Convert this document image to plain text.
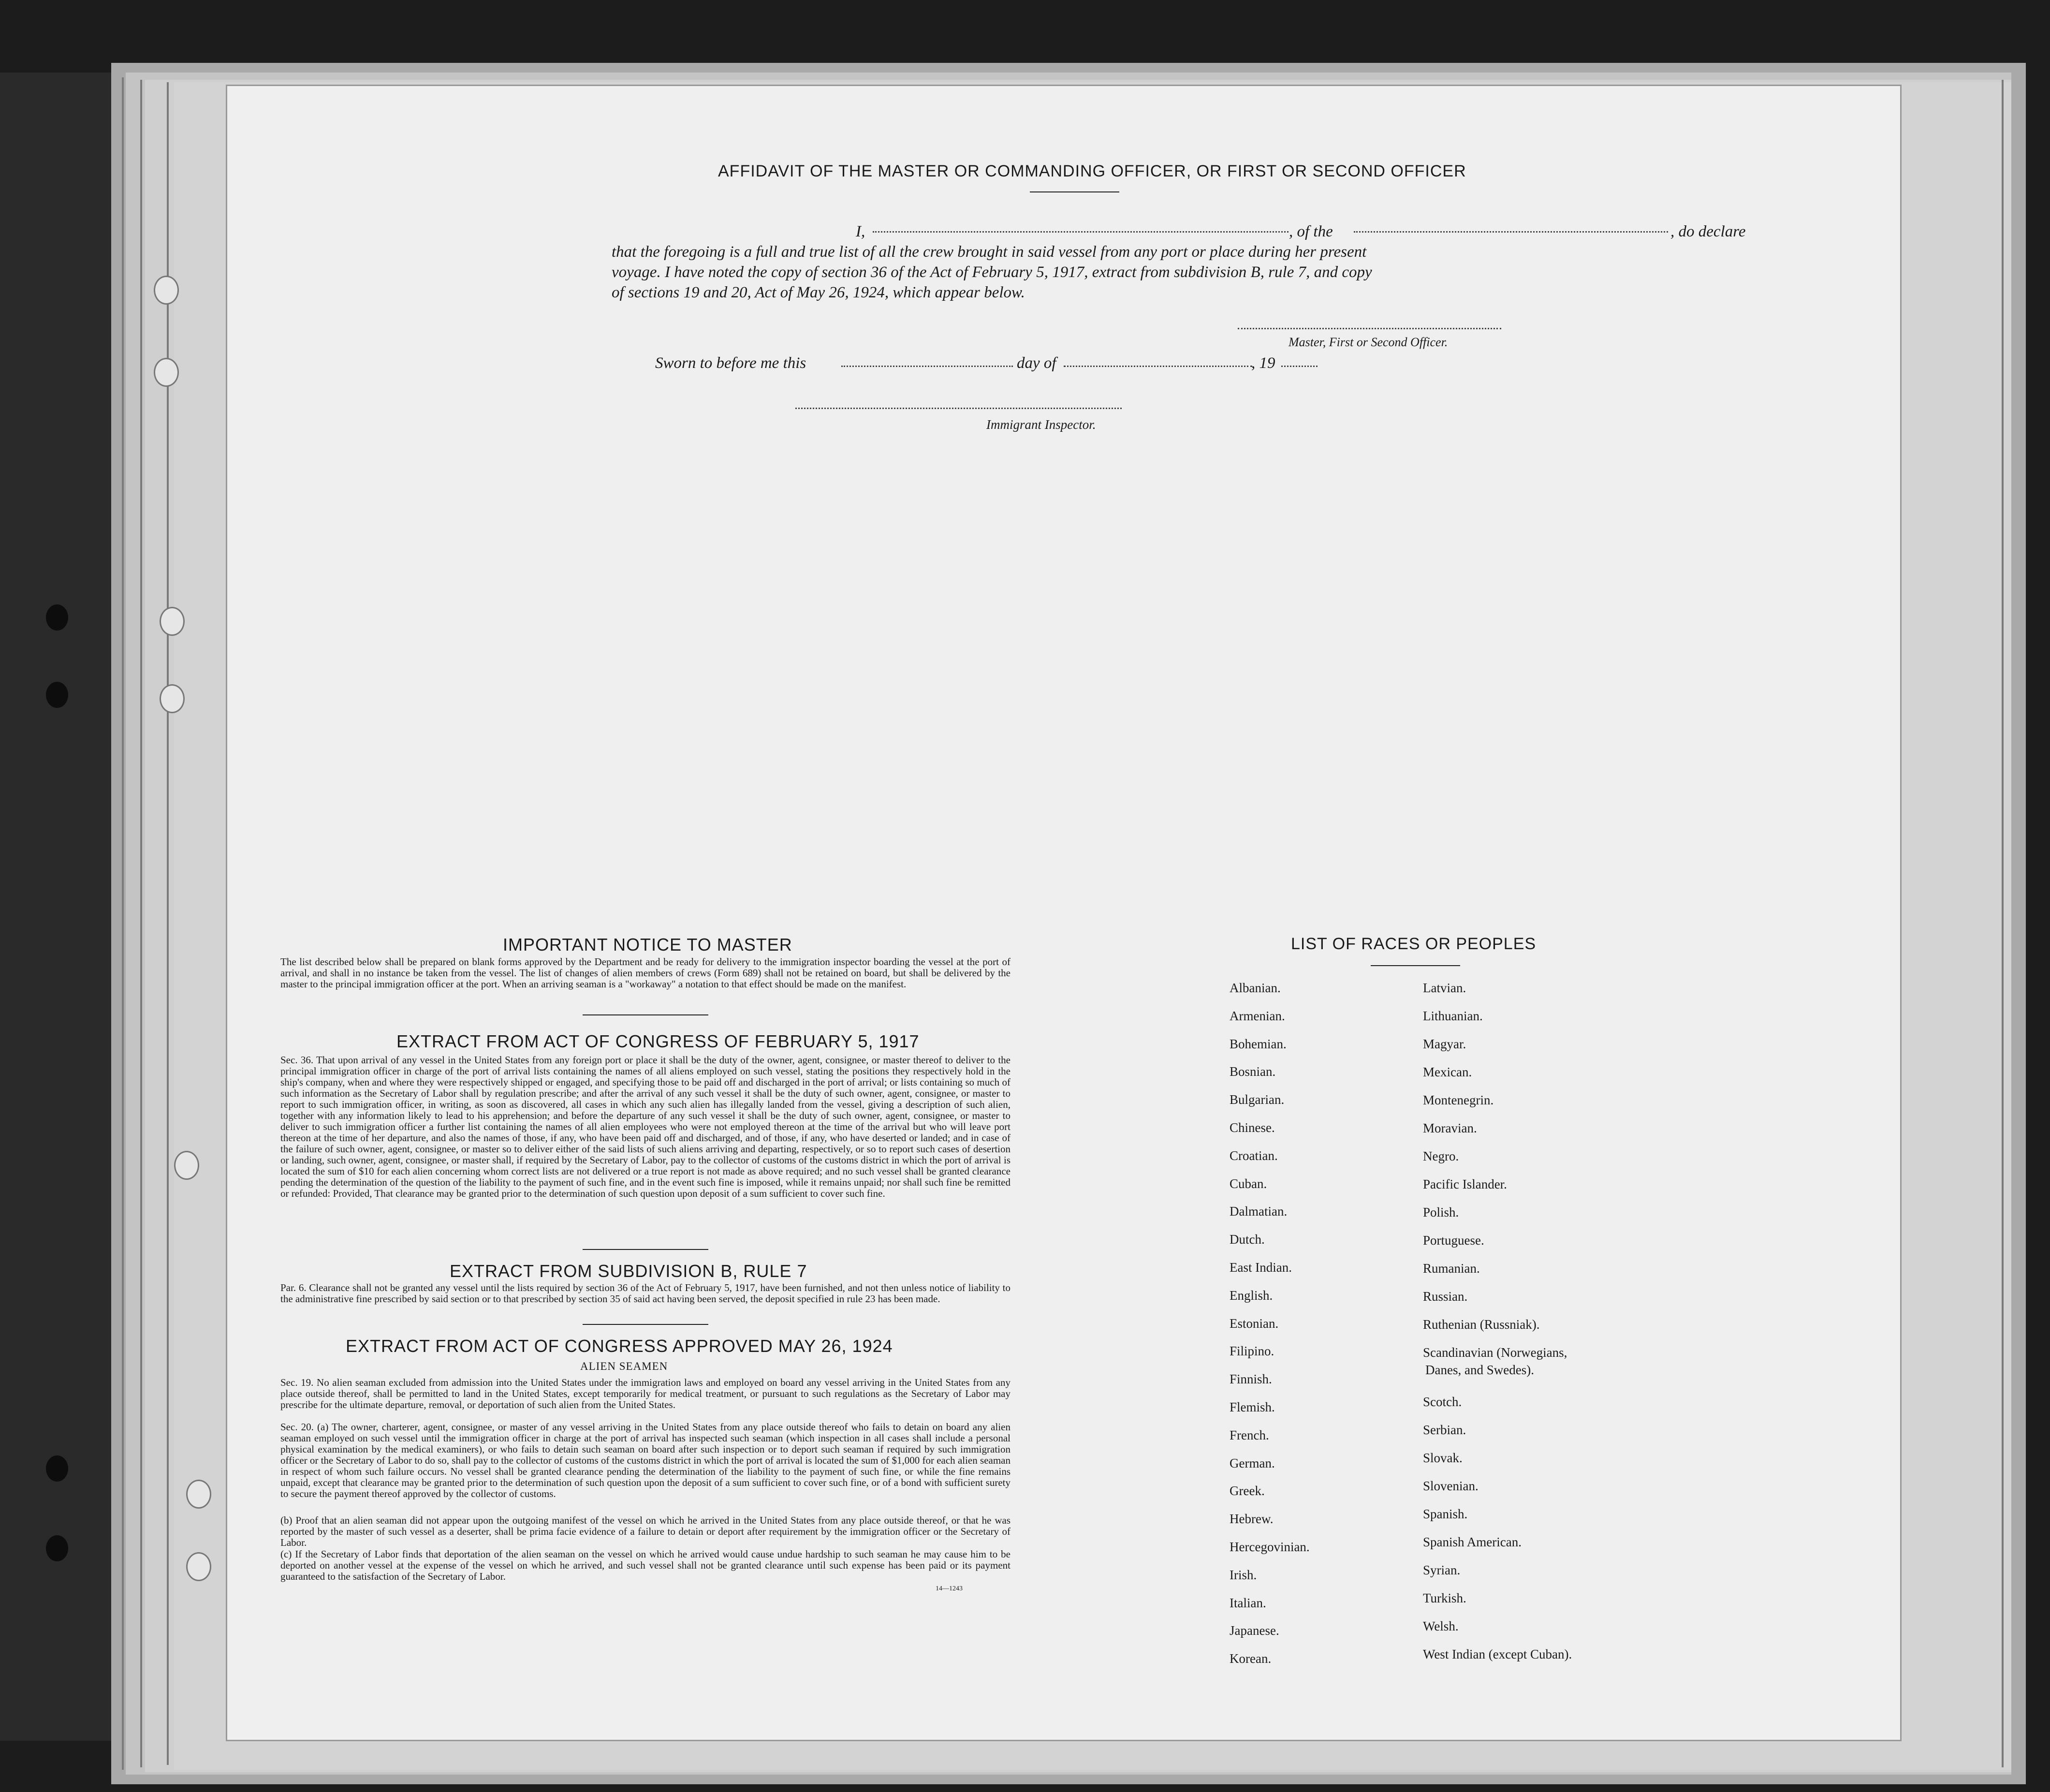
AFFIDAVIT OF THE MASTER OR COMMANDING OFFICER, OR FIRST OR SECOND OFFICER
I,	, of the	, do declare
that the foregoing is a full and true list of all the crew brought in said vessel from any port or place during her present
voyage. I have noted the copy of section 36 of the Act of February 5, 1917, extract from subdivision B, rule 7, and copy
of sections 19 and 20, Act of May 26, 1924, which appear below.
Master, First or Second Officer.
Sworn to before me this	day of	, 19
Immigrant Inspector.
IMPORTANT NOTICE TO MASTER
The list described below shall be prepared on blank forms approved by the Department and be ready for delivery to the immigration inspector boarding the vessel at the port of arrival, and shall in no instance be taken from the vessel. The list of changes of alien members of crews (Form 689) shall not be retained on board, but shall be delivered by the master to the principal immigration officer at the port. When an arriving seaman is a "workaway" a notation to that effect should be made on the manifest.
EXTRACT FROM ACT OF CONGRESS OF FEBRUARY 5, 1917
Sec. 36. That upon arrival of any vessel in the United States from any foreign port or place it shall be the duty of the owner, agent, consignee, or master thereof to deliver to the principal immigration officer in charge of the port of arrival lists containing the names of all aliens employed on such vessel, stating the positions they respectively hold in the ship's company, when and where they were respectively shipped or engaged, and specifying those to be paid off and discharged in the port of arrival; or lists containing so much of such information as the Secretary of Labor shall by regulation prescribe; and after the arrival of any such vessel it shall be the duty of such owner, agent, consignee, or master to report to such immigration officer, in writing, as soon as discovered, all cases in which any such alien has illegally landed from the vessel, giving a description of such alien, together with any information likely to lead to his apprehension; and before the departure of any such vessel it shall be the duty of such owner, agent, consignee, or master to deliver to such immigration officer a further list containing the names of all alien employees who were not employed thereon at the time of the arrival but who will leave port thereon at the time of her departure, and also the names of those, if any, who have been paid off and discharged, and of those, if any, who have deserted or landed; and in case of the failure of such owner, agent, consignee, or master so to deliver either of the said lists of such aliens arriving and departing, respectively, or so to report such cases of desertion or landing, such owner, agent, consignee, or master shall, if required by the Secretary of Labor, pay to the collector of customs of the customs district in which the port of arrival is located the sum of $10 for each alien concerning whom correct lists are not delivered or a true report is not made as above required; and no such vessel shall be granted clearance pending the determination of the question of the liability to the payment of such fine, and in the event such fine is imposed, while it remains unpaid; nor shall such fine be remitted or refunded: Provided, That clearance may be granted prior to the determination of such question upon deposit of a sum sufficient to cover such fine.
EXTRACT FROM SUBDIVISION B, RULE 7
Par. 6. Clearance shall not be granted any vessel until the lists required by section 36 of the Act of February 5, 1917, have been furnished, and not then unless notice of liability to the administrative fine prescribed by said section or to that prescribed by section 35 of said act having been served, the deposit specified in rule 23 has been made.
EXTRACT FROM ACT OF CONGRESS APPROVED MAY 26, 1924
ALIEN SEAMEN
Sec. 19. No alien seaman excluded from admission into the United States under the immigration laws and employed on board any vessel arriving in the United States from any place outside thereof, shall be permitted to land in the United States, except temporarily for medical treatment, or pursuant to such regulations as the Secretary of Labor may prescribe for the ultimate departure, removal, or deportation of such alien from the United States.
Sec. 20. (a) The owner, charterer, agent, consignee, or master of any vessel arriving in the United States from any place outside thereof who fails to detain on board any alien seaman employed on such vessel until the immigration officer in charge at the port of arrival has inspected such seaman (which inspection in all cases shall include a personal physical examination by the medical examiners), or who fails to detain such seaman on board after such inspection or to deport such seaman if required by such immigration officer or the Secretary of Labor to do so, shall pay to the collector of customs of the customs district in which the port of arrival is located the sum of $1,000 for each alien seaman in respect of whom such failure occurs. No vessel shall be granted clearance pending the determination of the liability to the payment of such fine, or while the fine remains unpaid, except that clearance may be granted prior to the determination of such question upon the deposit of a sum sufficient to cover such fine, or of a bond with sufficient surety to secure the payment thereof approved by the collector of customs.
(b) Proof that an alien seaman did not appear upon the outgoing manifest of the vessel on which he arrived in the United States from any place outside thereof, or that he was reported by the master of such vessel as a deserter, shall be prima facie evidence of a failure to detain or deport after requirement by the immigration officer or the Secretary of Labor.
(c) If the Secretary of Labor finds that deportation of the alien seaman on the vessel on which he arrived would cause undue hardship to such seaman he may cause him to be deported on another vessel at the expense of the vessel on which he arrived, and such vessel shall not be granted clearance until such expense has been paid or its payment guaranteed to the satisfaction of the Secretary of Labor.
14—1243
LIST OF RACES OR PEOPLES
Albanian.
Armenian.
Bohemian.
Bosnian.
Bulgarian.
Chinese.
Croatian.
Cuban.
Dalmatian.
Dutch.
East Indian.
English.
Estonian.
Filipino.
Finnish.
Flemish.
French.
German.
Greek.
Hebrew.
Hercegovinian.
Irish.
Italian.
Japanese.
Korean.
Latvian.
Lithuanian.
Magyar.
Mexican.
Montenegrin.
Moravian.
Negro.
Pacific Islander.
Polish.
Portuguese.
Rumanian.
Russian.
Ruthenian (Russniak).
Scandinavian (Norwegians,
Danes, and Swedes).
Scotch.
Serbian.
Slovak.
Slovenian.
Spanish.
Spanish American.
Syrian.
Turkish.
Welsh.
West Indian (except Cuban).
